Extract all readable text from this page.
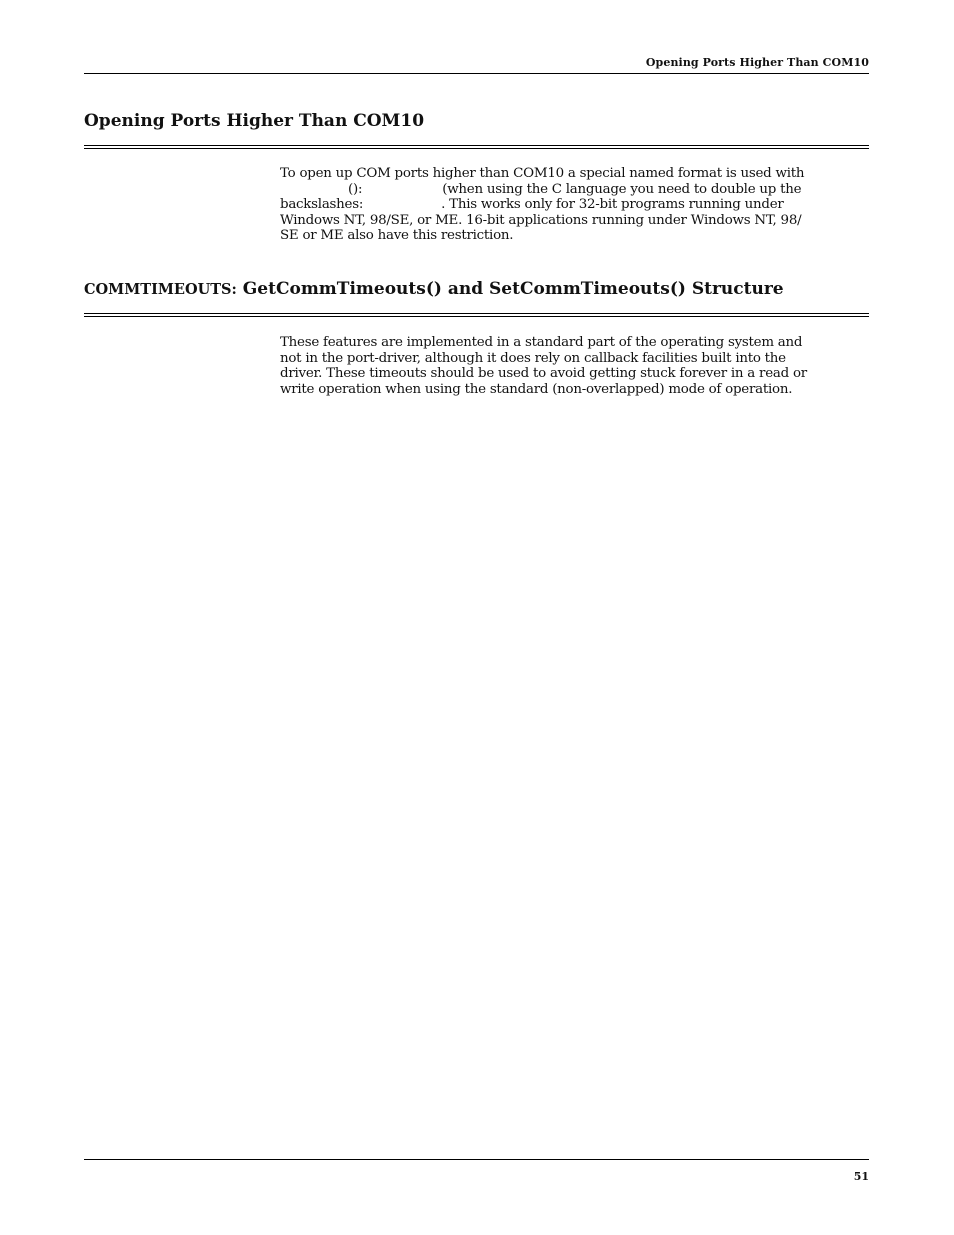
Opening Ports Higher Than COM10
Opening Ports Higher Than COM10

To open up COM ports higher than COM10 a special named format is used with
():	(when using the C language you need to double up the
backslashes:	. This works only for 32-bit programs running under
Windows NT, 98/SE, or ME. 16-bit applications running under Windows NT, 98/
SE or ME also have this restriction.

COMMTIMEOUTS: GetCommTimeouts() and SetCommTimeouts() Structure

These features are implemented in a standard part of the operating system and
not in the port-driver, although it does rely on callback facilities built into the
driver. These timeouts should be used to avoid getting stuck forever in a read or
write operation when using the standard (non-overlapped) mode of operation.

51
